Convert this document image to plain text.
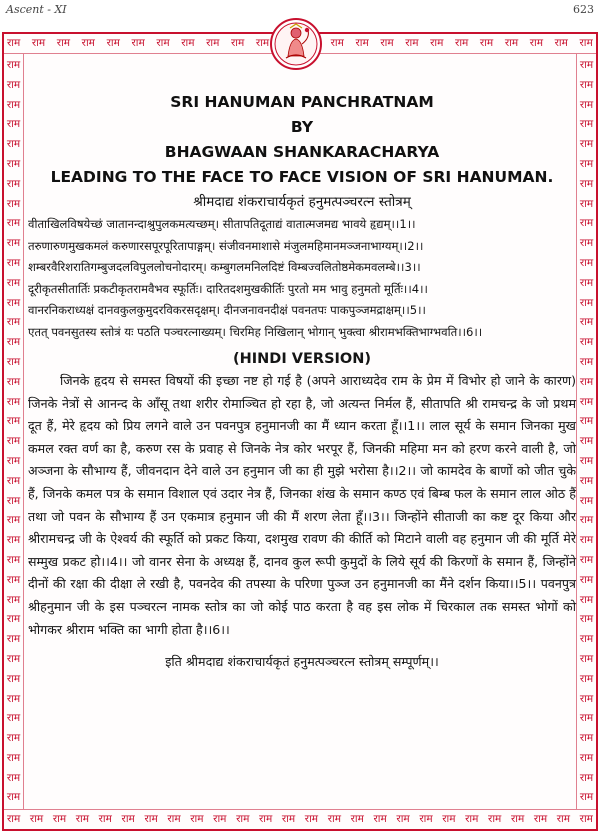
Ascent - XI	623
राम राम राम राम राम राम राम राम राम राम राम	राम राम राम राम राम राम राम राम राम राम राम
राम राम राम राम राम राम राम राम राम राम राम राम राम राम राम राम राम राम राम राम राम राम राम राम राम राम
राम
राम
राम
राम
राम
राम
राम
राम
राम
राम
राम
राम
राम
राम
राम
राम
राम
राम
राम
राम
राम
राम
राम
राम
राम
राम
राम
राम
राम
राम
राम
राम
राम
राम
राम
राम
राम
राम
राम
राम
राम
राम
राम
राम
राम
राम
राम
राम
राम
राम
राम
राम
राम
राम
राम
राम
राम
राम
राम
राम
राम
राम
राम
राम
राम
राम
राम
राम
राम
राम
राम
राम
राम
राम
राम
राम
SRI HANUMAN PANCHRATNAM
BY
BHAGWAAN SHANKARACHARYA
LEADING TO THE FACE TO FACE VISION OF SRI HANUMAN.
श्रीमदाद्य शंकराचार्यकृतं हनुमत्पञ्चरत्न स्तोत्रम्

वीताखिलविषयेच्छं जातानन्दाश्रुपुलकमत्यच्छम्। सीतापतिदूताद्यं वातात्मजमद्य भावये हृद्यम्।।1।।

तरुणारुणमुखकमलं करुणारसपूरपूरितापाङ्गम्। संजीवनमाशासे मंजुलमहिमानमञ्जनाभाग्यम्।।2।।

शम्बरवैरिशरातिगम्बुजदलविपुललोचनोदारम्। कम्बुगलमनिलदिष्टं विम्बज्वलितोष्ठमेकमवलम्बे।।3।।

दूरीकृतसीतार्तिः प्रकटीकृतरामवैभव स्फूर्तिः। दारितदशमुखकीर्तिः पुरतो मम भावु हनुमतो मूर्तिः।।4।।

वानरनिकराध्यक्षं दानवकुलकुमुदरविकरसदृक्षम्। दीनजनावनदीक्षं पवनतपः पाकपुञ्जमद्राक्षम्।।5।।

एतत् पवनसुतस्य स्तोत्रं यः पठति पञ्चरत्नाख्यम्। चिरमिह निखिलान् भोगान् भुक्त्वा श्रीरामभक्तिभाग्भवति।।6।।

(HINDI VERSION)

जिनके हृदय से समस्त विषयों की इच्छा नष्ट हो गई है (अपने आराध्यदेव राम के प्रेम में विभोर हो जाने के कारण) जिनके नेत्रों से आनन्द के आँसू तथा शरीर रोमाञ्चित हो रहा है, जो अत्यन्त निर्मल हैं, सीतापति श्री रामचन्द्र के जो प्रथम दूत हैं, मेरे हृदय को प्रिय लगने वाले उन पवनपुत्र हनुमानजी का मैं ध्यान करता हूँ।।1।। लाल सूर्य के समान जिनका मुख कमल रक्त वर्ण का है, करुण रस के प्रवाह से जिनके नेत्र कोर भरपूर हैं, जिनकी महिमा मन को हरण करने वाली है, जो अञ्जना के सौभाग्य हैं, जीवनदान देने वाले उन हनुमान जी का ही मुझे भरोसा है।।2।। जो कामदेव के बाणों को जीत चुके हैं, जिनके कमल पत्र के समान विशाल एवं उदार नेत्र हैं, जिनका शंख के समान कण्ठ एवं बिम्ब फल के समान लाल ओठ हैं तथा जो पवन के सौभाग्य हैं उन एकमात्र हनुमान जी की मैं शरण लेता हूँ।।3।। जिन्होंने सीताजी का कष्ट दूर किया और श्रीरामचन्द्र जी के ऐश्वर्य की स्फूर्ति को प्रकट किया, दशमुख रावण की कीर्ति को मिटाने वाली वह हनुमान जी की मूर्ति मेरे सम्मुख प्रकट हो।।4।। जो वानर सेना के अध्यक्ष हैं, दानव कुल रूपी कुमुदों के लिये सूर्य की किरणों के समान हैं, जिन्होंने दीनों की रक्षा की दीक्षा ले रखी है, पवनदेव की तपस्या के परिणा पुञ्ज उन हनुमानजी का मैंने दर्शन किया।।5।। पवनपुत्र श्रीहनुमान जी के इस पञ्चरत्न नामक स्तोत्र का जो कोई पाठ करता है वह इस लोक में चिरकाल तक समस्त भोगों को भोगकर श्रीराम भक्ति का भागी होता है।।6।।

इति श्रीमदाद्य शंकराचार्यकृतं हनुमत्पञ्चरत्न स्तोत्रम् सम्पूर्णम्।।
